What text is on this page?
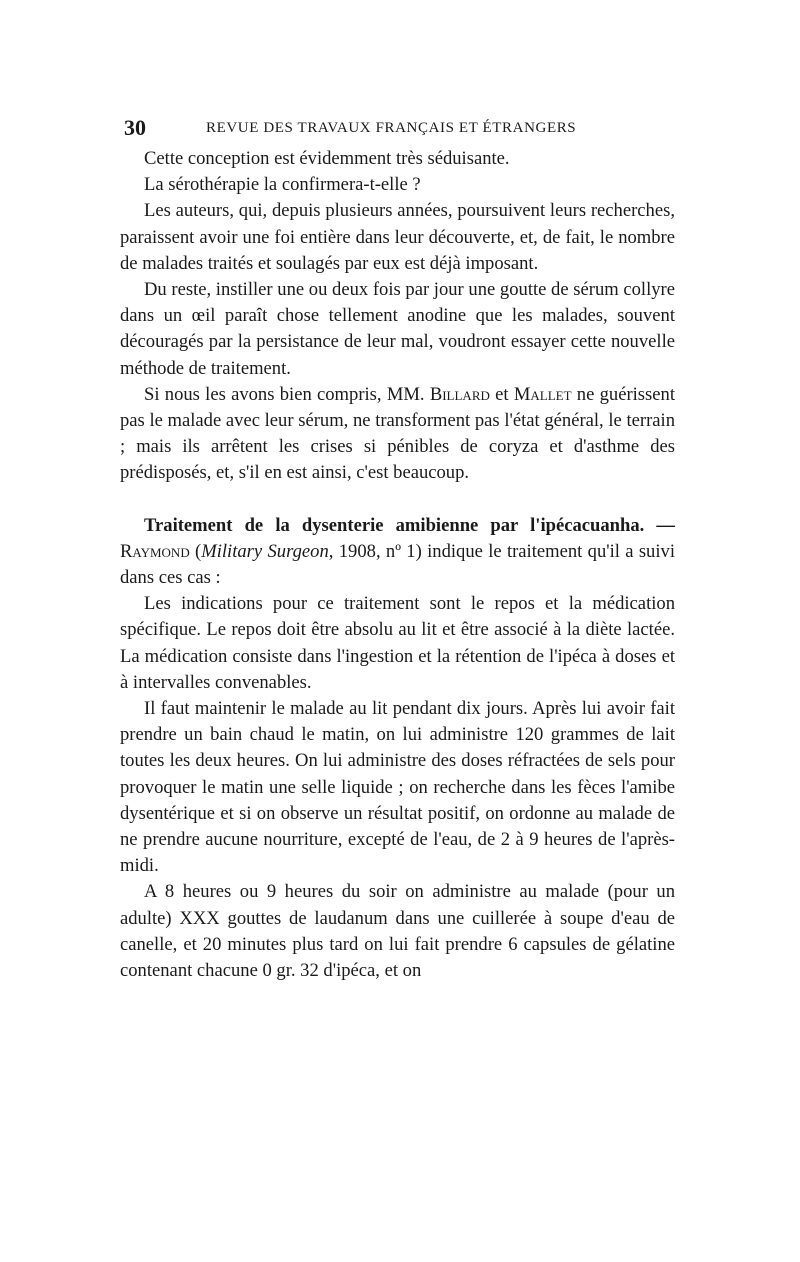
30	REVUE DES TRAVAUX FRANÇAIS ET ÉTRANGERS

Cette conception est évidemment très séduisante.

La sérothérapie la confirmera-t-elle ?

Les auteurs, qui, depuis plusieurs années, poursuivent leurs recherches, paraissent avoir une foi entière dans leur découverte, et, de fait, le nombre de malades traités et soulagés par eux est déjà imposant.

Du reste, instiller une ou deux fois par jour une goutte de sérum collyre dans un œil paraît chose tellement anodine que les malades, souvent découragés par la persistance de leur mal, voudront essayer cette nouvelle méthode de traitement.

Si nous les avons bien compris, MM. Billard et Mallet ne guérissent pas le malade avec leur sérum, ne transforment pas l'état général, le terrain ; mais ils arrêtent les crises si pénibles de coryza et d'asthme des prédisposés, et, s'il en est ainsi, c'est beaucoup.

Traitement de la dysenterie amibienne par l'ipécacuanha. — Raymond (Military Surgeon, 1908, nº 1) indique le traitement qu'il a suivi dans ces cas :

Les indications pour ce traitement sont le repos et la médication spécifique. Le repos doit être absolu au lit et être associé à la diète lactée. La médication consiste dans l'ingestion et la rétention de l'ipéca à doses et à intervalles convenables.

Il faut maintenir le malade au lit pendant dix jours. Après lui avoir fait prendre un bain chaud le matin, on lui administre 120 grammes de lait toutes les deux heures. On lui administre des doses réfractées de sels pour provoquer le matin une selle liquide ; on recherche dans les fèces l'amibe dysentérique et si on observe un résultat positif, on ordonne au malade de ne prendre aucune nourriture, excepté de l'eau, de 2 à 9 heures de l'après-midi.

A 8 heures ou 9 heures du soir on administre au malade (pour un adulte) XXX gouttes de laudanum dans une cuillerée à soupe d'eau de canelle, et 20 minutes plus tard on lui fait prendre 6 capsules de gélatine contenant chacune 0 gr. 32 d'ipéca, et on
